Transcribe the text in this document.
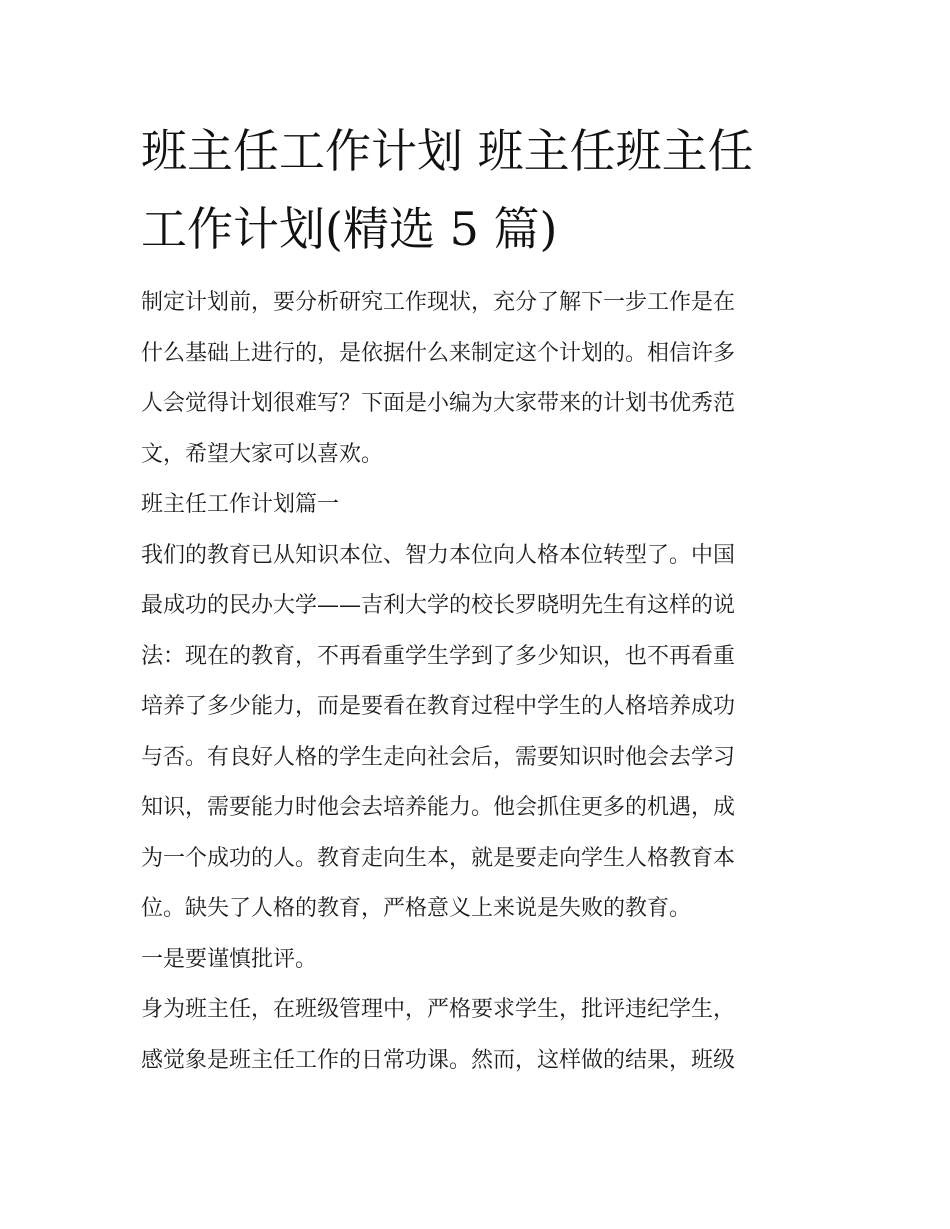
班主任工作计划 班主任班主任
工作计划(精选 5 篇)

制定计划前，要分析研究工作现状，充分了解下一步工作是在
什么基础上进行的，是依据什么来制定这个计划的。相信许多
人会觉得计划很难写？下面是小编为大家带来的计划书优秀范
文，希望大家可以喜欢。

班主任工作计划篇一

我们的教育已从知识本位、智力本位向人格本位转型了。中国
最成功的民办大学——吉利大学的校长罗晓明先生有这样的说
法：现在的教育，不再看重学生学到了多少知识，也不再看重
培养了多少能力，而是要看在教育过程中学生的人格培养成功
与否。有良好人格的学生走向社会后，需要知识时他会去学习
知识，需要能力时他会去培养能力。他会抓住更多的机遇，成
为一个成功的人。教育走向生本，就是要走向学生人格教育本
位。缺失了人格的教育，严格意义上来说是失败的教育。

一是要谨慎批评。

身为班主任，在班级管理中，严格要求学生，批评违纪学生，
感觉象是班主任工作的日常功课。然而，这样做的结果，班级
